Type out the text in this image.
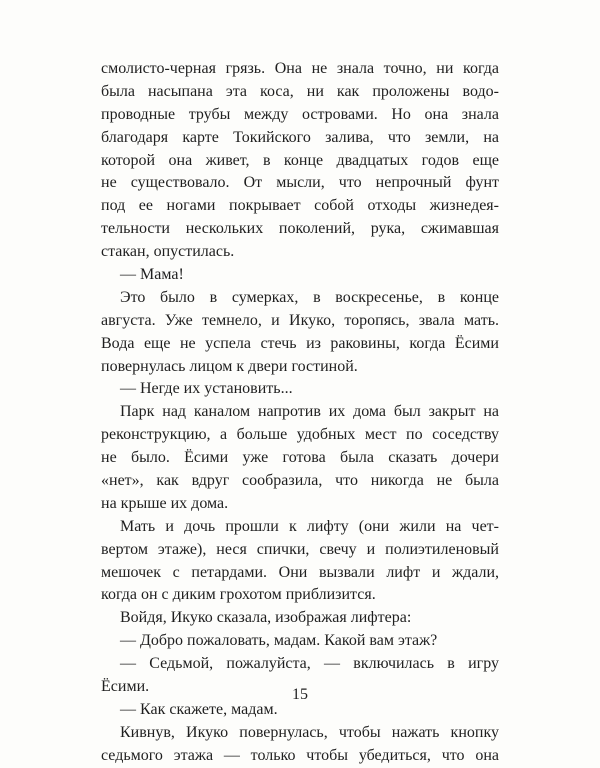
смолисто-черная грязь. Она не знала точно, ни когда
была насыпана эта коса, ни как проложены водо-
проводные трубы между островами. Но она знала
благодаря карте Токийского залива, что земли, на
которой она живет, в конце двадцатых годов еще
не существовало. От мысли, что непрочный фунт
под ее ногами покрывает собой отходы жизнедея-
тельности нескольких поколений, рука, сжимавшая
стакан, опустилась.
— Мама!
Это было в сумерках, в воскресенье, в конце
августа. Уже темнело, и Икуко, торопясь, звала мать.
Вода еще не успела стечь из раковины, когда Ёсими
повернулась лицом к двери гостиной.
— Негде их установить...
Парк над каналом напротив их дома был закрыт на
реконструкцию, а больше удобных мест по соседству
не было. Ёсими уже готова была сказать дочери
«нет», как вдруг сообразила, что никогда не была
на крыше их дома.
Мать и дочь прошли к лифту (они жили на чет-
вертом этаже), неся спички, свечу и полиэтиленовый
мешочек с петардами. Они вызвали лифт и ждали,
когда он с диким грохотом приблизится.
Войдя, Икуко сказала, изображая лифтера:
— Добро пожаловать, мадам. Какой вам этаж?
— Седьмой, пожалуйста, — включилась в игру
Ёсими.
— Как скажете, мадам.
Кивнув, Икуко повернулась, чтобы нажать кнопку
седьмого этажа — только чтобы убедиться, что она
15
